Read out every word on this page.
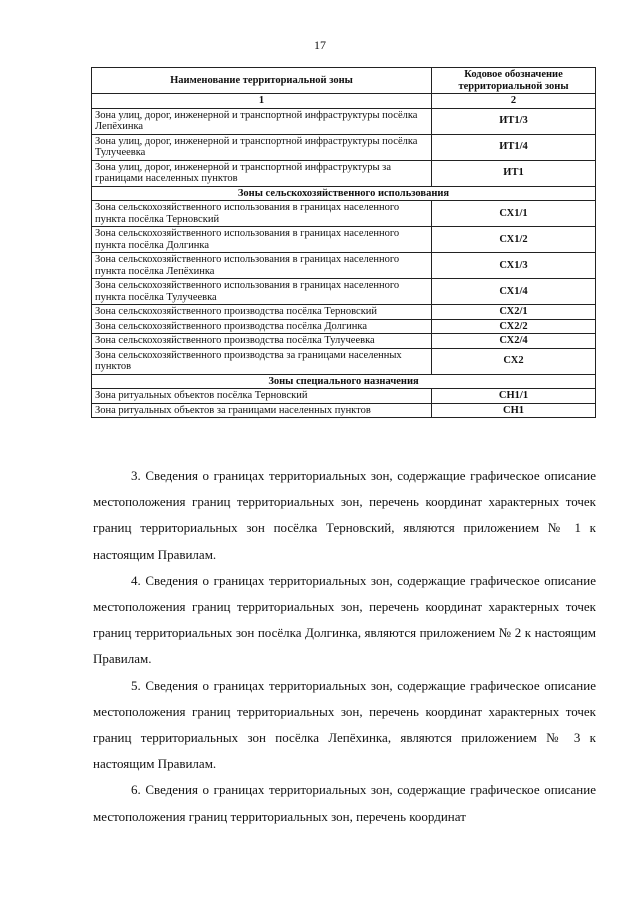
17
Наименование территориальной зоны	Кодовое обозначение территориальной зоны
1	2
Зона улиц, дорог, инженерной и транспортной инфраструктуры посёлка Лепёхинка	ИТ1/3
Зона улиц, дорог, инженерной и транспортной инфраструктуры посёлка Тулучеевка	ИТ1/4
Зона улиц, дорог, инженерной и транспортной инфраструктуры за границами населенных пунктов	ИТ1
Зоны сельскохозяйственного использования	
Зона сельскохозяйственного использования в границах населенного пункта посёлка Терновский	СХ1/1
Зона сельскохозяйственного использования в границах населенного пункта посёлка Долгинка	СХ1/2
Зона сельскохозяйственного использования в границах населенного пункта посёлка Лепёхинка	СХ1/3
Зона сельскохозяйственного использования в границах населенного пункта посёлка Тулучеевка	СХ1/4
Зона сельскохозяйственного производства посёлка Терновский	СХ2/1
Зона сельскохозяйственного производства посёлка Долгинка	СХ2/2
Зона сельскохозяйственного производства посёлка Тулучеевка	СХ2/4
Зона сельскохозяйственного производства за границами населенных пунктов	СХ2
Зоны специального назначения	
Зона ритуальных объектов посёлка Терновский	СН1/1
Зона ритуальных объектов за границами населенных пунктов	СН1

3. Сведения о границах территориальных зон, содержащие графическое описание местоположения границ территориальных зон, перечень координат характерных точек границ территориальных зон посёлка Терновский, являются приложением № 1 к настоящим Правилам.

4. Сведения о границах территориальных зон, содержащие графическое описание местоположения границ территориальных зон, перечень координат характерных точек границ территориальных зон посёлка Долгинка, являются приложением № 2 к настоящим Правилам.

5. Сведения о границах территориальных зон, содержащие графическое описание местоположения границ территориальных зон, перечень координат характерных точек границ территориальных зон посёлка Лепёхинка, являются приложением № 3 к настоящим Правилам.

6. Сведения о границах территориальных зон, содержащие графическое описание местоположения границ территориальных зон, перечень координат
